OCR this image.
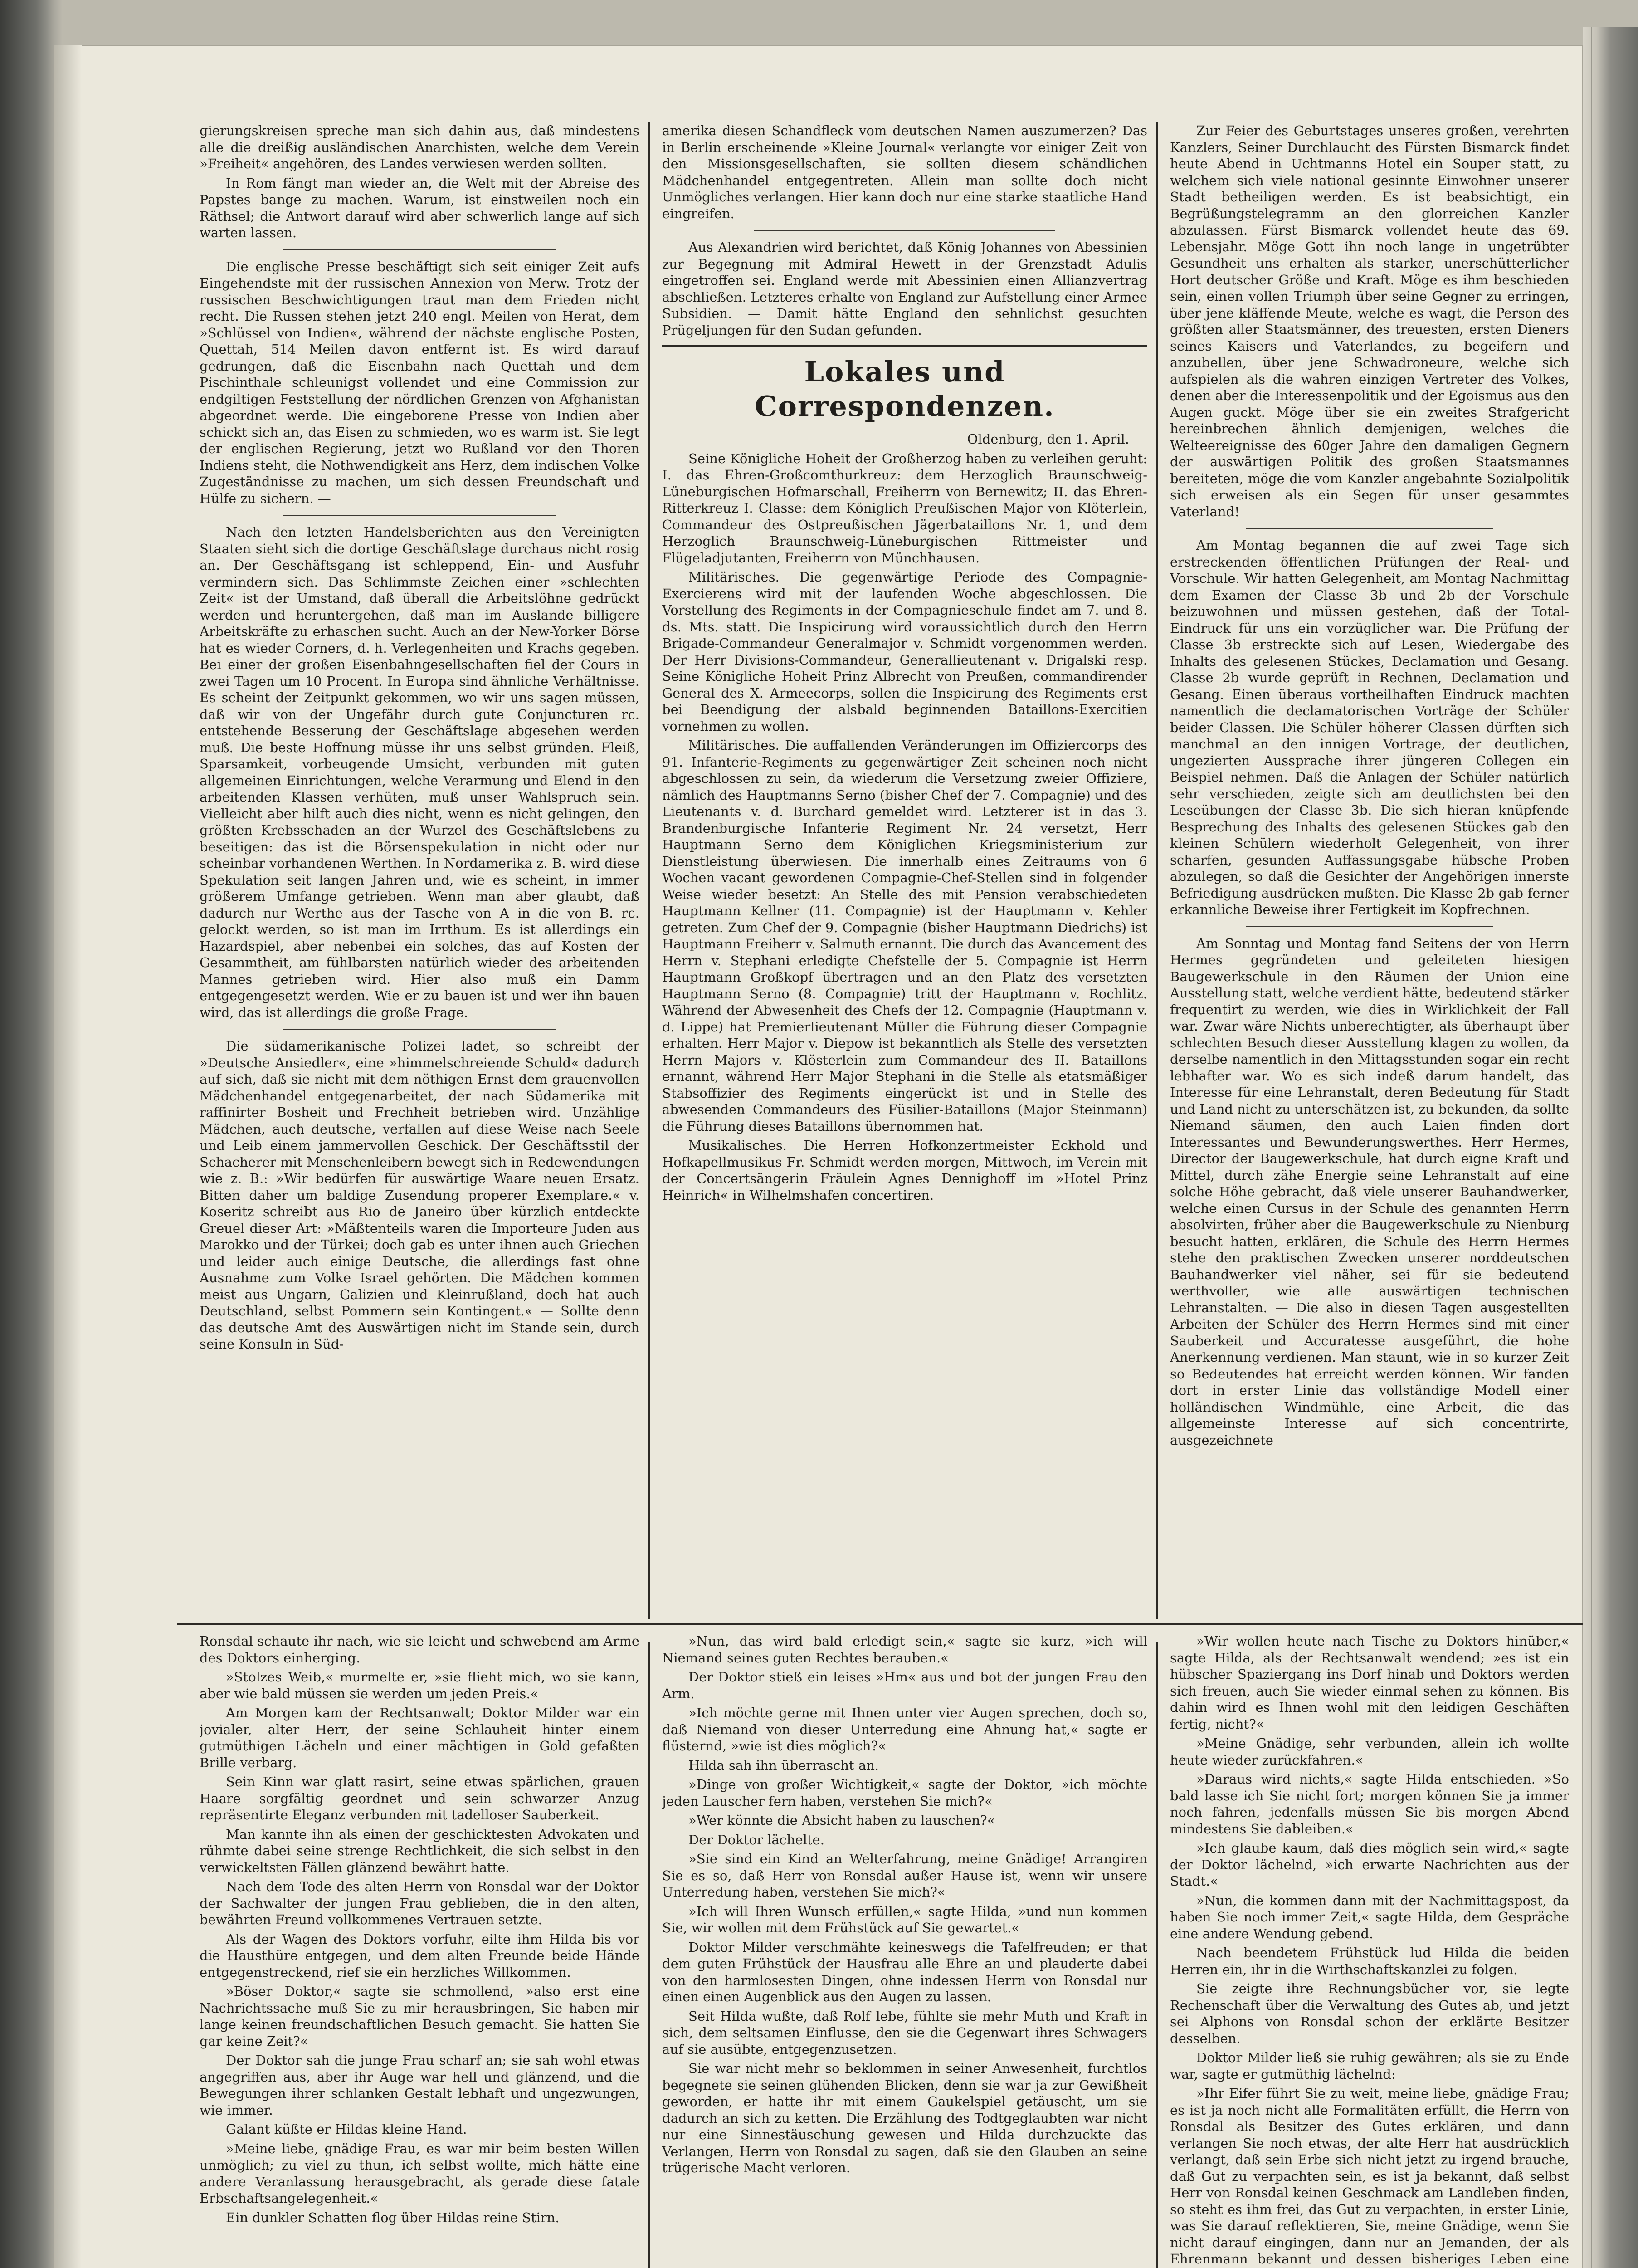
gierungskreisen spreche man sich dahin aus, daß mindestens alle die dreißig ausländischen Anarchisten, welche dem Verein »Freiheit« angehören, des Landes verwiesen werden sollten.

In Rom fängt man wieder an, die Welt mit der Abreise des Papstes bange zu machen. Warum, ist einstweilen noch ein Räthsel; die Antwort darauf wird aber schwerlich lange auf sich warten lassen.

Die englische Presse beschäftigt sich seit einiger Zeit aufs Eingehendste mit der russischen Annexion von Merw. Trotz der russischen Beschwichtigungen traut man dem Frieden nicht recht. Die Russen stehen jetzt 240 engl. Meilen von Herat, dem »Schlüssel von Indien«, während der nächste englische Posten, Quettah, 514 Meilen davon entfernt ist. Es wird darauf gedrungen, daß die Eisenbahn nach Quettah und dem Pischinthale schleunigst vollendet und eine Commission zur endgiltigen Feststellung der nördlichen Grenzen von Afghanistan abgeordnet werde. Die eingeborene Presse von Indien aber schickt sich an, das Eisen zu schmieden, wo es warm ist. Sie legt der englischen Regierung, jetzt wo Rußland vor den Thoren Indiens steht, die Nothwendigkeit ans Herz, dem indischen Volke Zugeständnisse zu machen, um sich dessen Freundschaft und Hülfe zu sichern. —

Nach den letzten Handelsberichten aus den Vereinigten Staaten sieht sich die dortige Geschäftslage durchaus nicht rosig an. Der Geschäftsgang ist schleppend, Ein- und Ausfuhr vermindern sich. Das Schlimmste Zeichen einer »schlechten Zeit« ist der Umstand, daß überall die Arbeitslöhne gedrückt werden und heruntergehen, daß man im Auslande billigere Arbeitskräfte zu erhaschen sucht. Auch an der New-Yorker Börse hat es wieder Corners, d. h. Verlegenheiten und Krachs gegeben. Bei einer der großen Eisenbahngesellschaften fiel der Cours in zwei Tagen um 10 Procent. In Europa sind ähnliche Verhältnisse. Es scheint der Zeitpunkt gekommen, wo wir uns sagen müssen, daß wir von der Ungefähr durch gute Conjuncturen rc. entstehende Besserung der Geschäftslage abgesehen werden muß. Die beste Hoffnung müsse ihr uns selbst gründen. Fleiß, Sparsamkeit, vorbeugende Umsicht, verbunden mit guten allgemeinen Einrichtungen, welche Verarmung und Elend in den arbeitenden Klassen verhüten, muß unser Wahlspruch sein. Vielleicht aber hilft auch dies nicht, wenn es nicht gelingen, den größten Krebsschaden an der Wurzel des Geschäftslebens zu beseitigen: das ist die Börsenspekulation in nicht oder nur scheinbar vorhandenen Werthen. In Nordamerika z. B. wird diese Spekulation seit langen Jahren und, wie es scheint, in immer größerem Umfange getrieben. Wenn man aber glaubt, daß dadurch nur Werthe aus der Tasche von A in die von B. rc. gelockt werden, so ist man im Irrthum. Es ist allerdings ein Hazardspiel, aber nebenbei ein solches, das auf Kosten der Gesammtheit, am fühlbarsten natürlich wieder des arbeitenden Mannes getrieben wird. Hier also muß ein Damm entgegengesetzt werden. Wie er zu bauen ist und wer ihn bauen wird, das ist allerdings die große Frage.

Die südamerikanische Polizei ladet, so schreibt der »Deutsche Ansiedler«, eine »himmelschreiende Schuld« dadurch auf sich, daß sie nicht mit dem nöthigen Ernst dem grauenvollen Mädchenhandel entgegenarbeitet, der nach Südamerika mit raffinirter Bosheit und Frechheit betrieben wird. Unzählige Mädchen, auch deutsche, verfallen auf diese Weise nach Seele und Leib einem jammervollen Geschick. Der Geschäftsstil der Schacherer mit Menschenleibern bewegt sich in Redewendungen wie z. B.: »Wir bedürfen für auswärtige Waare neuen Ersatz. Bitten daher um baldige Zusendung properer Exemplare.« v. Koseritz schreibt aus Rio de Janeiro über kürzlich entdeckte Greuel dieser Art: »Mäßtenteils waren die Importeure Juden aus Marokko und der Türkei; doch gab es unter ihnen auch Griechen und leider auch einige Deutsche, die allerdings fast ohne Ausnahme zum Volke Israel gehörten. Die Mädchen kommen meist aus Ungarn, Galizien und Kleinrußland, doch hat auch Deutschland, selbst Pommern sein Kontingent.« — Sollte denn das deutsche Amt des Auswärtigen nicht im Stande sein, durch seine Konsuln in Süd-

amerika diesen Schandfleck vom deutschen Namen auszumerzen? Das in Berlin erscheinende »Kleine Journal« verlangte vor einiger Zeit von den Missionsgesellschaften, sie sollten diesem schändlichen Mädchenhandel entgegentreten. Allein man sollte doch nicht Unmögliches verlangen. Hier kann doch nur eine starke staatliche Hand eingreifen.

Aus Alexandrien wird berichtet, daß König Johannes von Abessinien zur Begegnung mit Admiral Hewett in der Grenzstadt Adulis eingetroffen sei. England werde mit Abessinien einen Allianzvertrag abschließen. Letzteres erhalte von England zur Aufstellung einer Armee Subsidien. — Damit hätte England den sehnlichst gesuchten Prügeljungen für den Sudan gefunden.

Lokales und Correspondenzen.

Oldenburg, den 1. April.

Seine Königliche Hoheit der Großherzog haben zu verleihen geruht: I. das Ehren-Großcomthurkreuz: dem Herzoglich Braunschweig-Lüneburgischen Hofmarschall, Freiherrn von Bernewitz; II. das Ehren-Ritterkreuz I. Classe: dem Königlich Preußischen Major von Klöterlein, Commandeur des Ostpreußischen Jägerbataillons Nr. 1, und dem Herzoglich Braunschweig-Lüneburgischen Rittmeister und Flügeladjutanten, Freiherrn von Münchhausen.

Militärisches. Die gegenwärtige Periode des Compagnie-Exercierens wird mit der laufenden Woche abgeschlossen. Die Vorstellung des Regiments in der Compagnieschule findet am 7. und 8. ds. Mts. statt. Die Inspicirung wird voraussichtlich durch den Herrn Brigade-Commandeur Generalmajor v. Schmidt vorgenommen werden. Der Herr Divisions-Commandeur, Generallieutenant v. Drigalski resp. Seine Königliche Hoheit Prinz Albrecht von Preußen, commandirender General des X. Armeecorps, sollen die Inspicirung des Regiments erst bei Beendigung der alsbald beginnenden Bataillons-Exercitien vornehmen zu wollen.

Militärisches. Die auffallenden Veränderungen im Offiziercorps des 91. Infanterie-Regiments zu gegenwärtiger Zeit scheinen noch nicht abgeschlossen zu sein, da wiederum die Versetzung zweier Offiziere, nämlich des Hauptmanns Serno (bisher Chef der 7. Compagnie) und des Lieutenants v. d. Burchard gemeldet wird. Letzterer ist in das 3. Brandenburgische Infanterie Regiment Nr. 24 versetzt, Herr Hauptmann Serno dem Königlichen Kriegsministerium zur Dienstleistung überwiesen. Die innerhalb eines Zeitraums von 6 Wochen vacant gewordenen Compagnie-Chef-Stellen sind in folgender Weise wieder besetzt: An Stelle des mit Pension verabschiedeten Hauptmann Kellner (11. Compagnie) ist der Hauptmann v. Kehler getreten. Zum Chef der 9. Compagnie (bisher Hauptmann Diedrichs) ist Hauptmann Freiherr v. Salmuth ernannt. Die durch das Avancement des Herrn v. Stephani erledigte Chefstelle der 5. Compagnie ist Herrn Hauptmann Großkopf übertragen und an den Platz des versetzten Hauptmann Serno (8. Compagnie) tritt der Hauptmann v. Rochlitz. Während der Abwesenheit des Chefs der 12. Compagnie (Hauptmann v. d. Lippe) hat Premierlieutenant Müller die Führung dieser Compagnie erhalten. Herr Major v. Diepow ist bekanntlich als Stelle des versetzten Herrn Majors v. Klösterlein zum Commandeur des II. Bataillons ernannt, während Herr Major Stephani in die Stelle als etatsmäßiger Stabsoffizier des Regiments eingerückt ist und in Stelle des abwesenden Commandeurs des Füsilier-Bataillons (Major Steinmann) die Führung dieses Bataillons übernommen hat.

Musikalisches. Die Herren Hofkonzertmeister Eckhold und Hofkapellmusikus Fr. Schmidt werden morgen, Mittwoch, im Verein mit der Concertsängerin Fräulein Agnes Dennighoff im »Hotel Prinz Heinrich« in Wilhelmshafen concertiren.

Zur Feier des Geburtstages unseres großen, verehrten Kanzlers, Seiner Durchlaucht des Fürsten Bismarck findet heute Abend in Uchtmanns Hotel ein Souper statt, zu welchem sich viele national gesinnte Einwohner unserer Stadt betheiligen werden. Es ist beabsichtigt, ein Begrüßungstelegramm an den glorreichen Kanzler abzulassen. Fürst Bismarck vollendet heute das 69. Lebensjahr. Möge Gott ihn noch lange in ungetrübter Gesundheit uns erhalten als starker, unerschütterlicher Hort deutscher Größe und Kraft. Möge es ihm beschieden sein, einen vollen Triumph über seine Gegner zu erringen, über jene kläffende Meute, welche es wagt, die Person des größten aller Staatsmänner, des treuesten, ersten Dieners seines Kaisers und Vaterlandes, zu begeifern und anzubellen, über jene Schwadroneure, welche sich aufspielen als die wahren einzigen Vertreter des Volkes, denen aber die Interessenpolitik und der Egoismus aus den Augen guckt. Möge über sie ein zweites Strafgericht hereinbrechen ähnlich demjenigen, welches die Welteereignisse des 60ger Jahre den damaligen Gegnern der auswärtigen Politik des großen Staatsmannes bereiteten, möge die vom Kanzler angebahnte Sozialpolitik sich erweisen als ein Segen für unser gesammtes Vaterland!

Am Montag begannen die auf zwei Tage sich erstreckenden öffentlichen Prüfungen der Real- und Vorschule. Wir hatten Gelegenheit, am Montag Nachmittag dem Examen der Classe 3b und 2b der Vorschule beizuwohnen und müssen gestehen, daß der Total-Eindruck für uns ein vorzüglicher war. Die Prüfung der Classe 3b erstreckte sich auf Lesen, Wiedergabe des Inhalts des gelesenen Stückes, Declamation und Gesang. Classe 2b wurde geprüft in Rechnen, Declamation und Gesang. Einen überaus vortheilhaften Eindruck machten namentlich die declamatorischen Vorträge der Schüler beider Classen. Die Schüler höherer Classen dürften sich manchmal an den innigen Vortrage, der deutlichen, ungezierten Aussprache ihrer jüngeren Collegen ein Beispiel nehmen. Daß die Anlagen der Schüler natürlich sehr verschieden, zeigte sich am deutlichsten bei den Leseübungen der Classe 3b. Die sich hieran knüpfende Besprechung des Inhalts des gelesenen Stückes gab den kleinen Schülern wiederholt Gelegenheit, von ihrer scharfen, gesunden Auffassungsgabe hübsche Proben abzulegen, so daß die Gesichter der Angehörigen innerste Befriedigung ausdrücken mußten. Die Klasse 2b gab ferner erkannliche Beweise ihrer Fertigkeit im Kopfrechnen.

Am Sonntag und Montag fand Seitens der von Herrn Hermes gegründeten und geleiteten hiesigen Baugewerkschule in den Räumen der Union eine Ausstellung statt, welche verdient hätte, bedeutend stärker frequentirt zu werden, wie dies in Wirklichkeit der Fall war. Zwar wäre Nichts unberechtigter, als überhaupt über schlechten Besuch dieser Ausstellung klagen zu wollen, da derselbe namentlich in den Mittagsstunden sogar ein recht lebhafter war. Wo es sich indeß darum handelt, das Interesse für eine Lehranstalt, deren Bedeutung für Stadt und Land nicht zu unterschätzen ist, zu bekunden, da sollte Niemand säumen, den auch Laien finden dort Interessantes und Bewunderungswerthes. Herr Hermes, Director der Baugewerkschule, hat durch eigne Kraft und Mittel, durch zähe Energie seine Lehranstalt auf eine solche Höhe gebracht, daß viele unserer Bauhandwerker, welche einen Cursus in der Schule des genannten Herrn absolvirten, früher aber die Baugewerkschule zu Nienburg besucht hatten, erklären, die Schule des Herrn Hermes stehe den praktischen Zwecken unserer norddeutschen Bauhandwerker viel näher, sei für sie bedeutend werthvoller, wie alle auswärtigen technischen Lehranstalten. — Die also in diesen Tagen ausgestellten Arbeiten der Schüler des Herrn Hermes sind mit einer Sauberkeit und Accuratesse ausgeführt, die hohe Anerkennung verdienen. Man staunt, wie in so kurzer Zeit so Bedeutendes hat erreicht werden können. Wir fanden dort in erster Linie das vollständige Modell einer holländischen Windmühle, eine Arbeit, die das allgemeinste Interesse auf sich concentrirte, ausgezeichnete

Ronsdal schaute ihr nach, wie sie leicht und schwebend am Arme des Doktors einherging.

»Stolzes Weib,« murmelte er, »sie flieht mich, wo sie kann, aber wie bald müssen sie werden um jeden Preis.«

Am Morgen kam der Rechtsanwalt; Doktor Milder war ein jovialer, alter Herr, der seine Schlauheit hinter einem gutmüthigen Lächeln und einer mächtigen in Gold gefaßten Brille verbarg.

Sein Kinn war glatt rasirt, seine etwas spärlichen, grauen Haare sorgfältig geordnet und sein schwarzer Anzug repräsentirte Eleganz verbunden mit tadelloser Sauberkeit.

Man kannte ihn als einen der geschicktesten Advokaten und rühmte dabei seine strenge Rechtlichkeit, die sich selbst in den verwickeltsten Fällen glänzend bewährt hatte.

Nach dem Tode des alten Herrn von Ronsdal war der Doktor der Sachwalter der jungen Frau geblieben, die in den alten, bewährten Freund vollkommenes Vertrauen setzte.

Als der Wagen des Doktors vorfuhr, eilte ihm Hilda bis vor die Hausthüre entgegen, und dem alten Freunde beide Hände entgegenstreckend, rief sie ein herzliches Willkommen.

»Böser Doktor,« sagte sie schmollend, »also erst eine Nachrichtssache muß Sie zu mir herausbringen, Sie haben mir lange keinen freundschaftlichen Besuch gemacht. Sie hatten Sie gar keine Zeit?«

Der Doktor sah die junge Frau scharf an; sie sah wohl etwas angegriffen aus, aber ihr Auge war hell und glänzend, und die Bewegungen ihrer schlanken Gestalt lebhaft und ungezwungen, wie immer.

Galant küßte er Hildas kleine Hand.

»Meine liebe, gnädige Frau, es war mir beim besten Willen unmöglich; zu viel zu thun, ich selbst wollte, mich hätte eine andere Veranlassung herausgebracht, als gerade diese fatale Erbschaftsangelegenheit.«

Ein dunkler Schatten flog über Hildas reine Stirn.

»Nun, das wird bald erledigt sein,« sagte sie kurz, »ich will Niemand seines guten Rechtes berauben.«

Der Doktor stieß ein leises »Hm« aus und bot der jungen Frau den Arm.

»Ich möchte gerne mit Ihnen unter vier Augen sprechen, doch so, daß Niemand von dieser Unterredung eine Ahnung hat,« sagte er flüsternd, »wie ist dies möglich?«

Hilda sah ihn überrascht an.

»Dinge von großer Wichtigkeit,« sagte der Doktor, »ich möchte jeden Lauscher fern haben, verstehen Sie mich?«

»Wer könnte die Absicht haben zu lauschen?«

Der Doktor lächelte.

»Sie sind ein Kind an Welterfahrung, meine Gnädige! Arrangiren Sie es so, daß Herr von Ronsdal außer Hause ist, wenn wir unsere Unterredung haben, verstehen Sie mich?«

»Ich will Ihren Wunsch erfüllen,« sagte Hilda, »und nun kommen Sie, wir wollen mit dem Frühstück auf Sie gewartet.«

Doktor Milder verschmähte keineswegs die Tafelfreuden; er that dem guten Frühstück der Hausfrau alle Ehre an und plauderte dabei von den harmlosesten Dingen, ohne indessen Herrn von Ronsdal nur einen einen Augenblick aus den Augen zu lassen.

Seit Hilda wußte, daß Rolf lebe, fühlte sie mehr Muth und Kraft in sich, dem seltsamen Einflusse, den sie die Gegenwart ihres Schwagers auf sie ausübte, entgegenzusetzen.

Sie war nicht mehr so beklommen in seiner Anwesenheit, furchtlos begegnete sie seinen glühenden Blicken, denn sie war ja zur Gewißheit geworden, er hatte ihr mit einem Gaukelspiel getäuscht, um sie dadurch an sich zu ketten. Die Erzählung des Todtgeglaubten war nicht nur eine Sinnestäuschung gewesen und Hilda durchzuckte das Verlangen, Herrn von Ronsdal zu sagen, daß sie den Glauben an seine trügerische Macht verloren.

»Wir wollen heute nach Tische zu Doktors hinüber,« sagte Hilda, als der Rechtsanwalt wendend; »es ist ein hübscher Spaziergang ins Dorf hinab und Doktors werden sich freuen, auch Sie wieder einmal sehen zu können. Bis dahin wird es Ihnen wohl mit den leidigen Geschäften fertig, nicht?«

»Meine Gnädige, sehr verbunden, allein ich wollte heute wieder zurückfahren.«

»Daraus wird nichts,« sagte Hilda entschieden. »So bald lasse ich Sie nicht fort; morgen können Sie ja immer noch fahren, jedenfalls müssen Sie bis morgen Abend mindestens Sie dableiben.«

»Ich glaube kaum, daß dies möglich sein wird,« sagte der Doktor lächelnd, »ich erwarte Nachrichten aus der Stadt.«

»Nun, die kommen dann mit der Nachmittagspost, da haben Sie noch immer Zeit,« sagte Hilda, dem Gespräche eine andere Wendung gebend.

Nach beendetem Frühstück lud Hilda die beiden Herren ein, ihr in die Wirthschaftskanzlei zu folgen.

Sie zeigte ihre Rechnungsbücher vor, sie legte Rechenschaft über die Verwaltung des Gutes ab, und jetzt sei Alphons von Ronsdal schon der erklärte Besitzer desselben.

Doktor Milder ließ sie ruhig gewähren; als sie zu Ende war, sagte er gutmüthig lächelnd:

»Ihr Eifer führt Sie zu weit, meine liebe, gnädige Frau; es ist ja noch nicht alle Formalitäten erfüllt, die Herrn von Ronsdal als Besitzer des Gutes erklären, und dann verlangen Sie noch etwas, der alte Herr hat ausdrücklich verlangt, daß sein Erbe sich nicht jetzt zu irgend brauche, daß Gut zu verpachten sein, es ist ja bekannt, daß selbst Herr von Ronsdal keinen Geschmack am Landleben finden, so steht es ihm frei, das Gut zu verpachten, in erster Linie, was Sie darauf reflektieren, Sie, meine Gnädige, wenn Sie nicht darauf eingingen, dann nur an Jemanden, der als Ehrenmann bekannt und dessen bisheriges Leben eine
